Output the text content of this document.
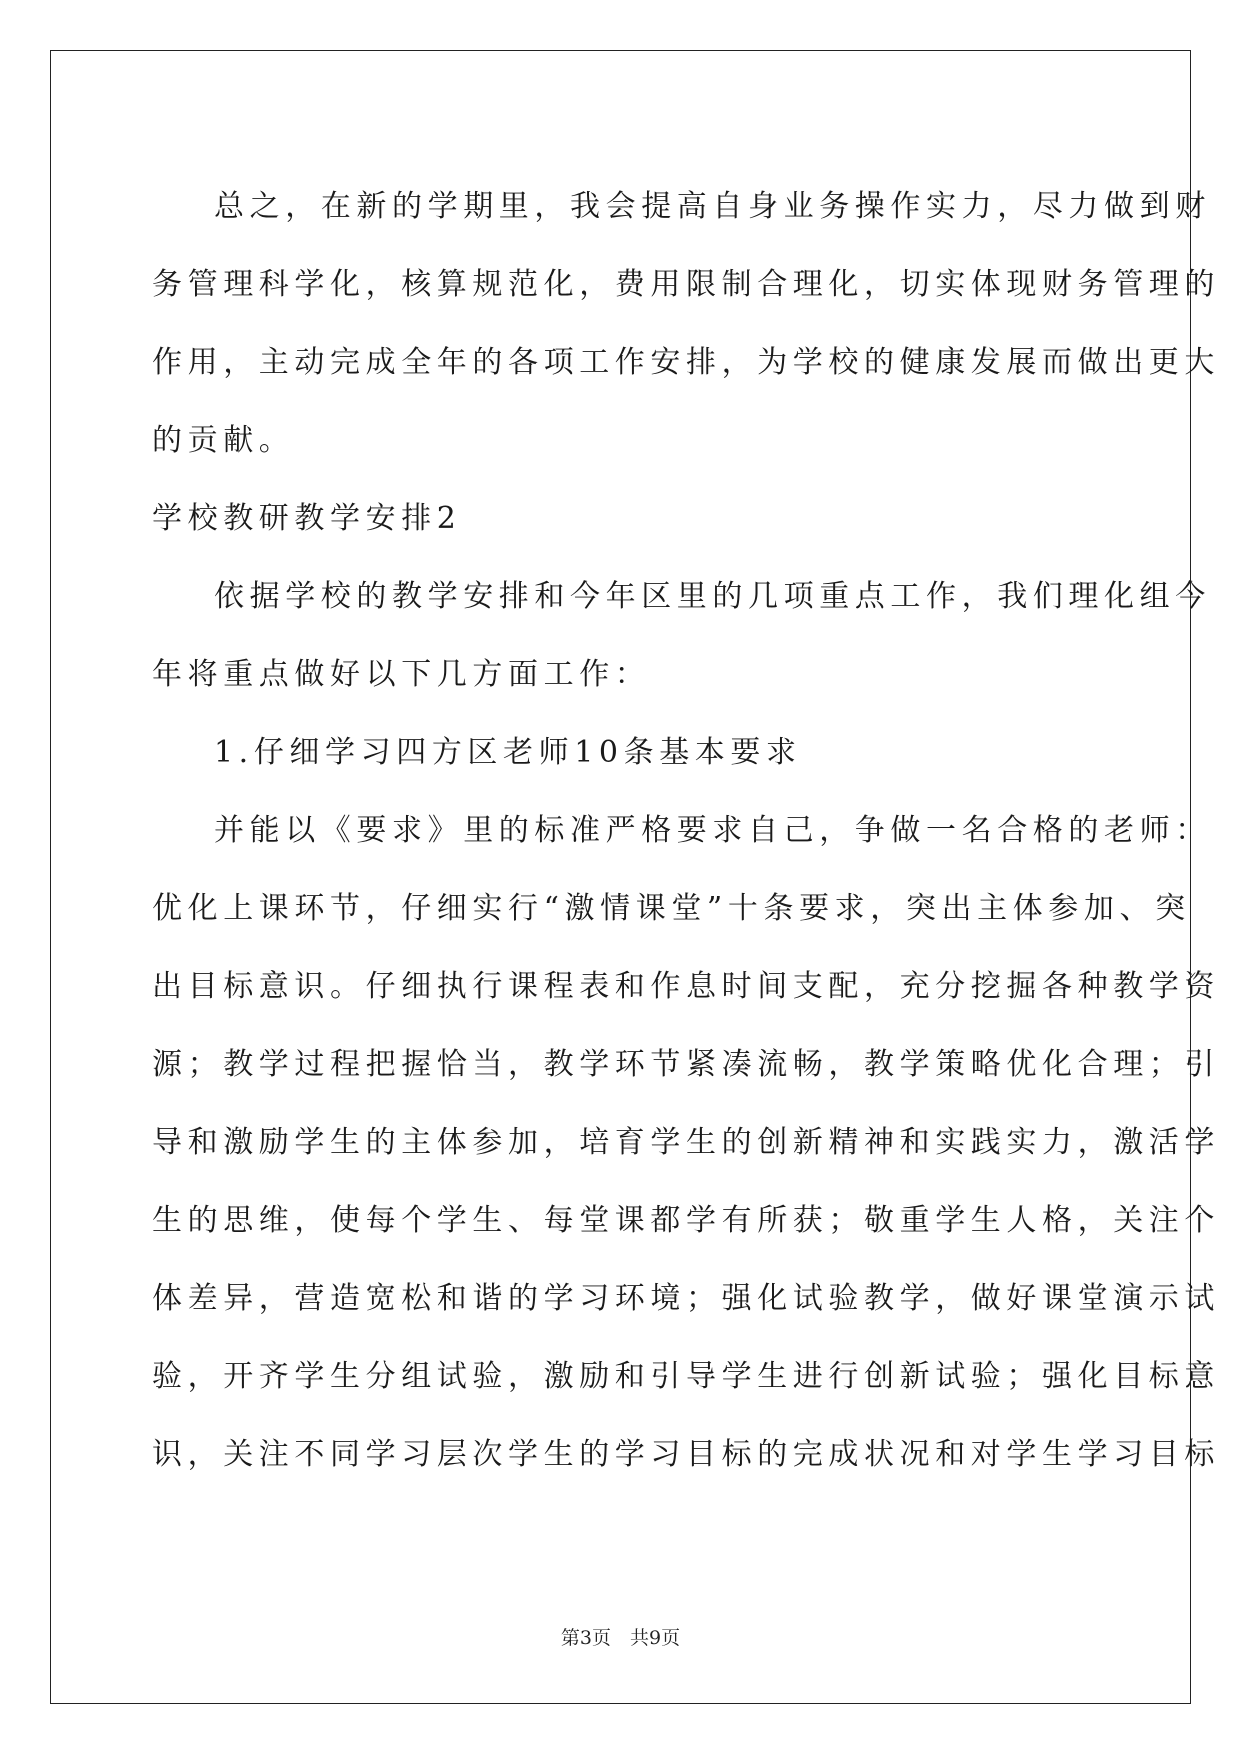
总之，在新的学期里，我会提高自身业务操作实力，尽力做到财

务管理科学化，核算规范化，费用限制合理化，切实体现财务管理的

作用，主动完成全年的各项工作安排，为学校的健康发展而做出更大

的贡献。

学校教研教学安排2

依据学校的教学安排和今年区里的几项重点工作，我们理化组今

年将重点做好以下几方面工作：

1.仔细学习四方区老师10条基本要求

并能以《要求》里的标准严格要求自己，争做一名合格的老师：

优化上课环节，仔细实行“激情课堂”十条要求，突出主体参加、突

出目标意识。仔细执行课程表和作息时间支配，充分挖掘各种教学资

源；教学过程把握恰当，教学环节紧凑流畅，教学策略优化合理；引

导和激励学生的主体参加，培育学生的创新精神和实践实力，激活学

生的思维，使每个学生、每堂课都学有所获；敬重学生人格，关注个

体差异，营造宽松和谐的学习环境；强化试验教学，做好课堂演示试

验，开齐学生分组试验，激励和引导学生进行创新试验；强化目标意

识，关注不同学习层次学生的学习目标的完成状况和对学生学习目标

第3页　共9页
